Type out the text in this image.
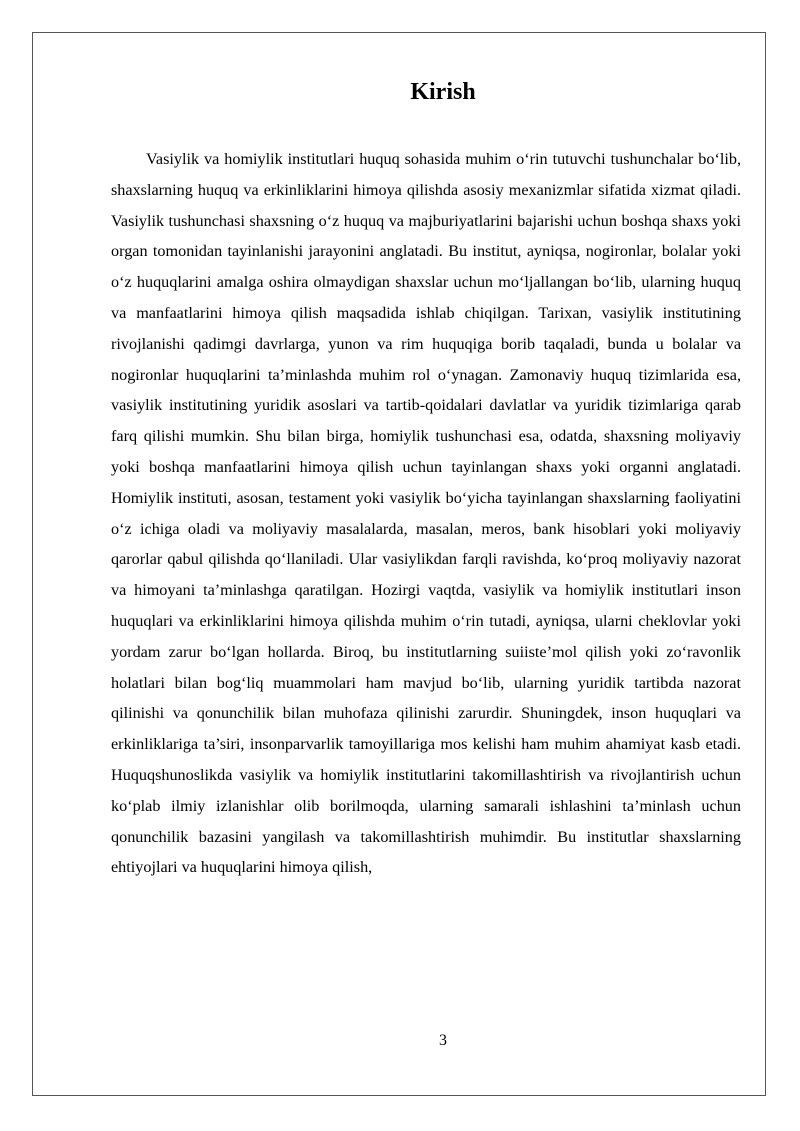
Kirish

Vasiylik va homiylik institutlari huquq sohasida muhim o‘rin tutuvchi tushunchalar bo‘lib, shaxslarning huquq va erkinliklarini himoya qilishda asosiy mexanizmlar sifatida xizmat qiladi. Vasiylik tushunchasi shaxsning o‘z huquq va majburiyatlarini bajarishi uchun boshqa shaxs yoki organ tomonidan tayinlanishi jarayonini anglatadi. Bu institut, ayniqsa, nogironlar, bolalar yoki o‘z huquqlarini amalga oshira olmaydigan shaxslar uchun mo‘ljallangan bo‘lib, ularning huquq va manfaatlarini himoya qilish maqsadida ishlab chiqilgan. Tarixan, vasiylik institutining rivojlanishi qadimgi davrlarga, yunon va rim huquqiga borib taqaladi, bunda u bolalar va nogironlar huquqlarini ta’minlashda muhim rol o‘ynagan. Zamonaviy huquq tizimlarida esa, vasiylik institutining yuridik asoslari va tartib-qoidalari davlatlar va yuridik tizimlariga qarab farq qilishi mumkin. Shu bilan birga, homiylik tushunchasi esa, odatda, shaxsning moliyaviy yoki boshqa manfaatlarini himoya qilish uchun tayinlangan shaxs yoki organni anglatadi. Homiylik instituti, asosan, testament yoki vasiylik bo‘yicha tayinlangan shaxslarning faoliyatini o‘z ichiga oladi va moliyaviy masalalarda, masalan, meros, bank hisoblari yoki moliyaviy qarorlar qabul qilishda qo‘llaniladi. Ular vasiylikdan farqli ravishda, ko‘proq moliyaviy nazorat va himoyani ta’minlashga qaratilgan. Hozirgi vaqtda, vasiylik va homiylik institutlari inson huquqlari va erkinliklarini himoya qilishda muhim o‘rin tutadi, ayniqsa, ularni cheklovlar yoki yordam zarur bo‘lgan hollarda. Biroq, bu institutlarning suiiste’mol qilish yoki zo‘ravonlik holatlari bilan bog‘liq muammolari ham mavjud bo‘lib, ularning yuridik tartibda nazorat qilinishi va qonunchilik bilan muhofaza qilinishi zarurdir. Shuningdek, inson huquqlari va erkinliklariga ta’siri, insonparvarlik tamoyillariga mos kelishi ham muhim ahamiyat kasb etadi. Huquqshunoslikda vasiylik va homiylik institutlarini takomillashtirish va rivojlantirish uchun ko‘plab ilmiy izlanishlar olib borilmoqda, ularning samarali ishlashini ta’minlash uchun qonunchilik bazasini yangilash va takomillashtirish muhimdir. Bu institutlar shaxslarning ehtiyojlari va huquqlarini himoya qilish,

3
